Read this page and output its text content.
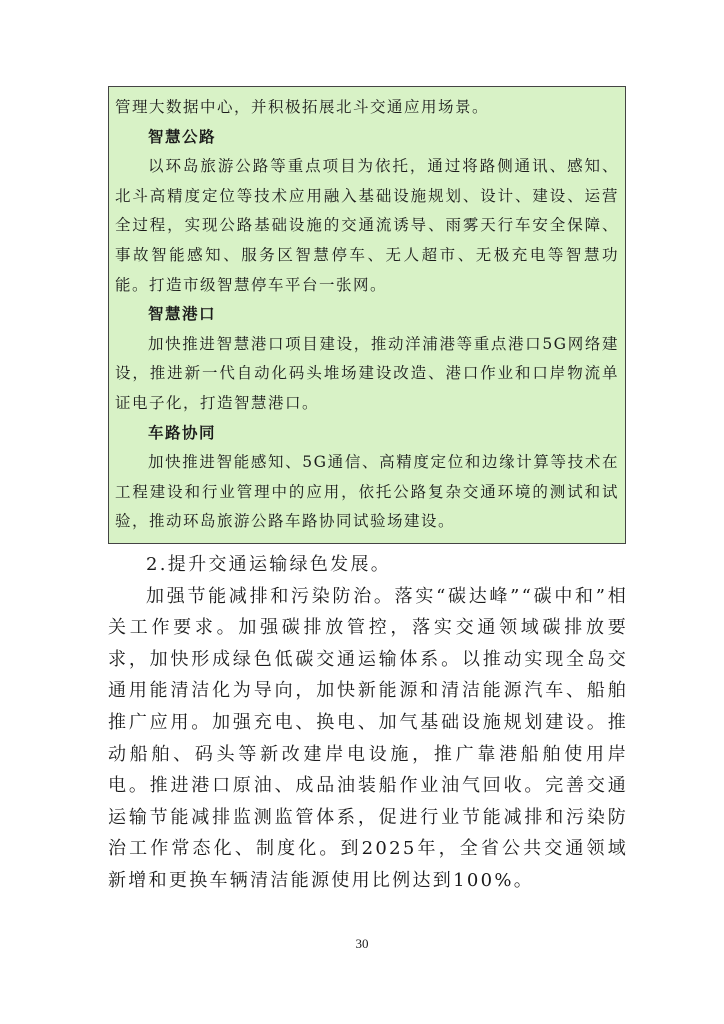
管理大数据中心，并积极拓展北斗交通应用场景。

智慧公路

以环岛旅游公路等重点项目为依托，通过将路侧通讯、感知、北斗高精度定位等技术应用融入基础设施规划、设计、建设、运营全过程，实现公路基础设施的交通流诱导、雨雾天行车安全保障、事故智能感知、服务区智慧停车、无人超市、无极充电等智慧功能。打造市级智慧停车平台一张网。

智慧港口

加快推进智慧港口项目建设，推动洋浦港等重点港口5G网络建设，推进新一代自动化码头堆场建设改造、港口作业和口岸物流单证电子化，打造智慧港口。

车路协同

加快推进智能感知、5G通信、高精度定位和边缘计算等技术在工程建设和行业管理中的应用，依托公路复杂交通环境的测试和试验，推动环岛旅游公路车路协同试验场建设。

2.提升交通运输绿色发展。

加强节能减排和污染防治。落实“碳达峰”“碳中和”相关工作要求。加强碳排放管控，落实交通领域碳排放要求，加快形成绿色低碳交通运输体系。以推动实现全岛交通用能清洁化为导向，加快新能源和清洁能源汽车、船舶推广应用。加强充电、换电、加气基础设施规划建设。推动船舶、码头等新改建岸电设施，推广靠港船舶使用岸电。推进港口原油、成品油装船作业油气回收。完善交通运输节能减排监测监管体系，促进行业节能减排和污染防治工作常态化、制度化。到2025年，全省公共交通领域新增和更换车辆清洁能源使用比例达到100%。

30
